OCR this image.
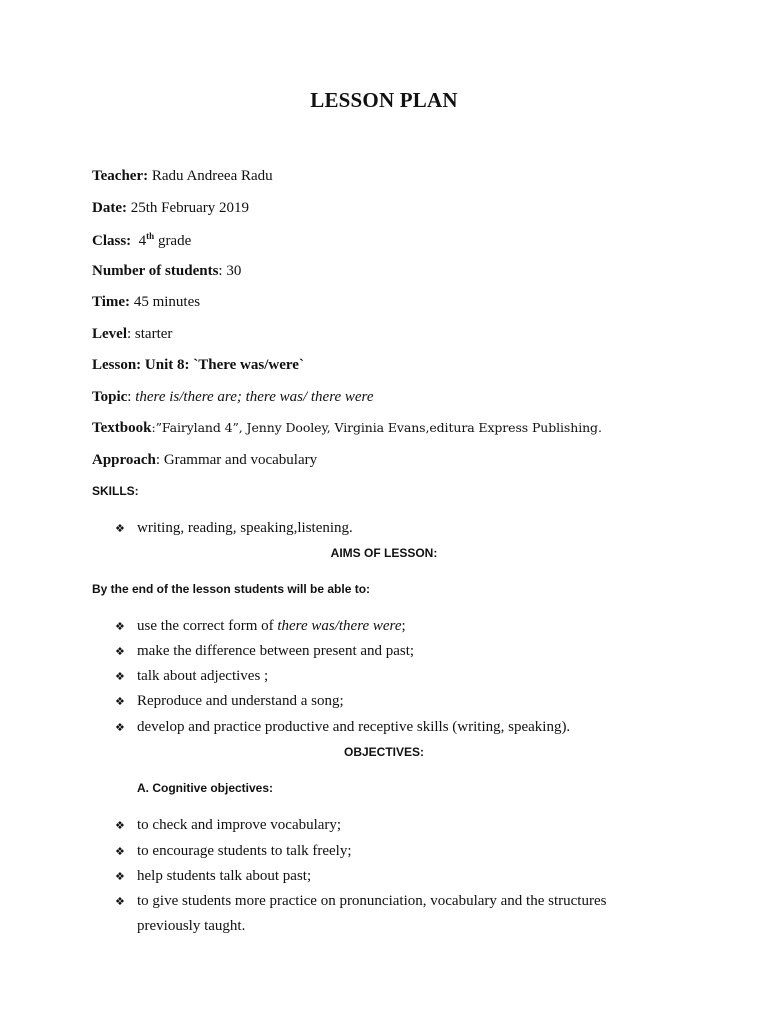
LESSON PLAN
Teacher: Radu Andreea Radu
Date: 25th February 2019
Class: 4th grade
Number of students: 30
Time: 45 minutes
Level: starter
Lesson: Unit 8: `There was/were`
Topic: there is/there are; there was/ there were
Textbook:”Fairyland 4”, Jenny Dooley, Virginia Evans,editura Express Publishing.
Approach: Grammar and vocabulary
SKILLS:
❖ writing, reading, speaking,listening.
AIMS OF LESSON:
By the end of the lesson students will be able to:
❖ use the correct form of there was/there were;
❖ make the difference between present and past;
❖ talk about adjectives ;
❖ Reproduce and understand a song;
❖ develop and practice productive and receptive skills (writing, speaking).
OBJECTIVES:
A. Cognitive objectives:
❖ to check and improve vocabulary;
❖ to encourage students to talk freely;
❖ help students talk about past;
❖ to give students more practice on pronunciation, vocabulary and the structures
previously taught.
